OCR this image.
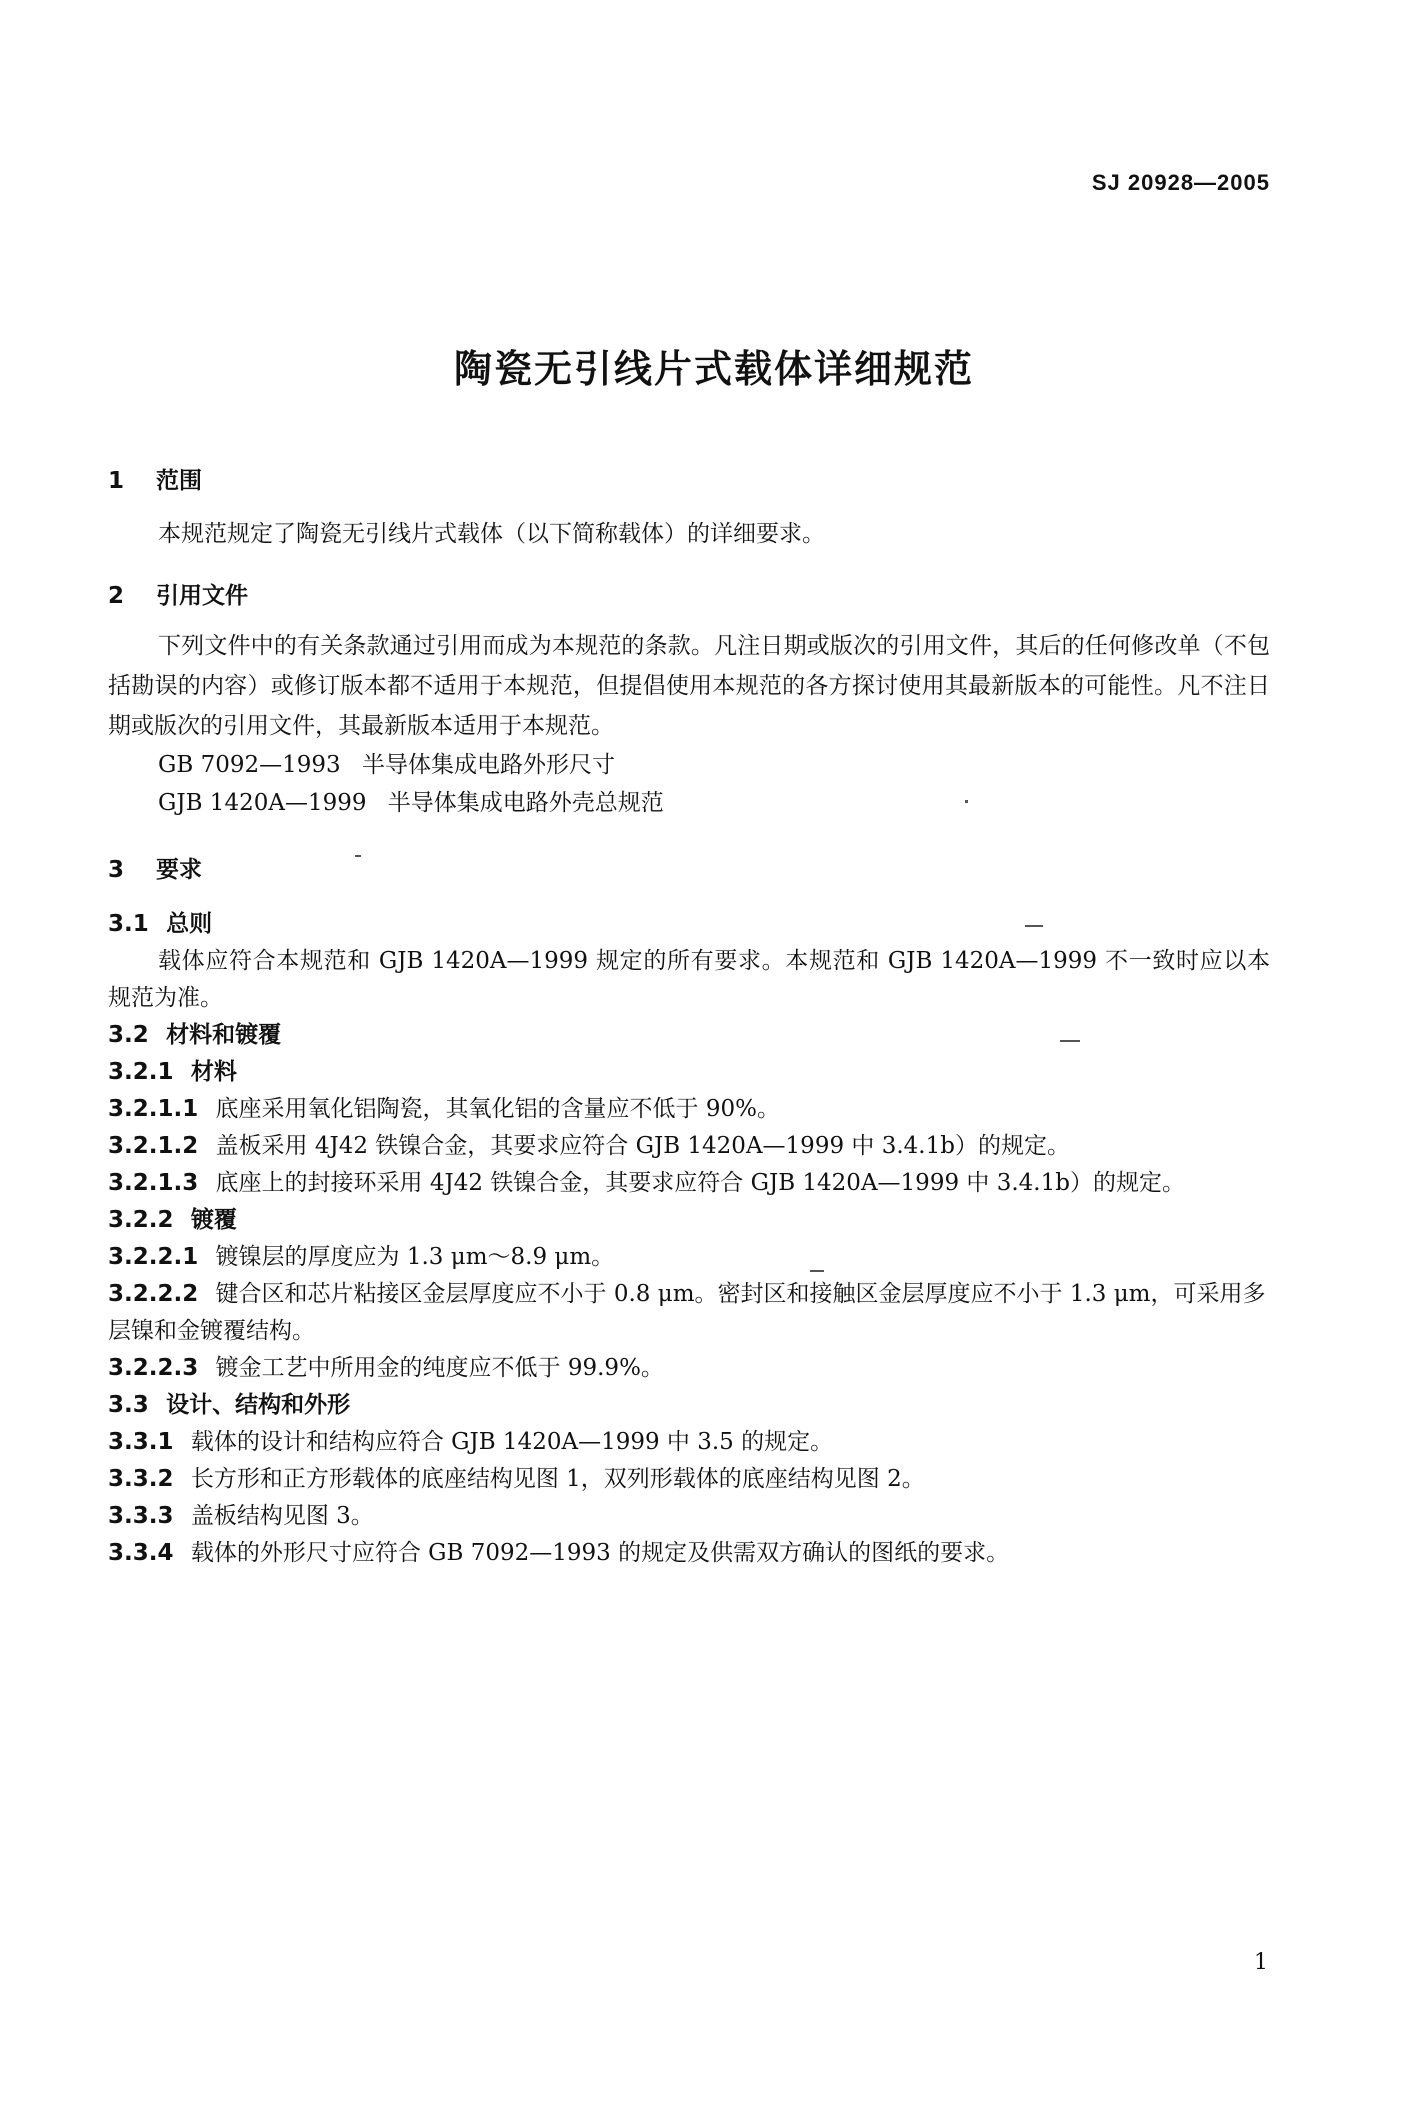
SJ 20928—2005
陶瓷无引线片式载体详细规范
1 范围

本规范规定了陶瓷无引线片式载体（以下简称载体）的详细要求。

2 引用文件

下列文件中的有关条款通过引用而成为本规范的条款。凡注日期或版次的引用文件，其后的任何修改单（不包括勘误的内容）或修订版本都不适用于本规范，但提倡使用本规范的各方探讨使用其最新版本的可能性。凡不注日期或版次的引用文件，其最新版本适用于本规范。

GB 7092—1993 半导体集成电路外形尺寸
GJB 1420A—1999 半导体集成电路外壳总规范
3 要求
3.1 总则

载体应符合本规范和 GJB 1420A—1999 规定的所有要求。本规范和 GJB 1420A—1999 不一致时应以本规范为准。

3.2 材料和镀覆
3.2.1 材料
3.2.1.1 底座采用氧化铝陶瓷，其氧化铝的含量应不低于 90%。
3.2.1.2 盖板采用 4J42 铁镍合金，其要求应符合 GJB 1420A—1999 中 3.4.1b）的规定。
3.2.1.3 底座上的封接环采用 4J42 铁镍合金，其要求应符合 GJB 1420A—1999 中 3.4.1b）的规定。
3.2.2 镀覆
3.2.2.1 镀镍层的厚度应为 1.3 μm～8.9 μm。
3.2.2.2 键合区和芯片粘接区金层厚度应不小于 0.8 μm。密封区和接触区金层厚度应不小于 1.3 μm，可采用多层镍和金镀覆结构。
3.2.2.3 镀金工艺中所用金的纯度应不低于 99.9%。
3.3 设计、结构和外形
3.3.1 载体的设计和结构应符合 GJB 1420A—1999 中 3.5 的规定。
3.3.2 长方形和正方形载体的底座结构见图 1，双列形载体的底座结构见图 2。
3.3.3 盖板结构见图 3。
3.3.4 载体的外形尺寸应符合 GB 7092—1993 的规定及供需双方确认的图纸的要求。
1
